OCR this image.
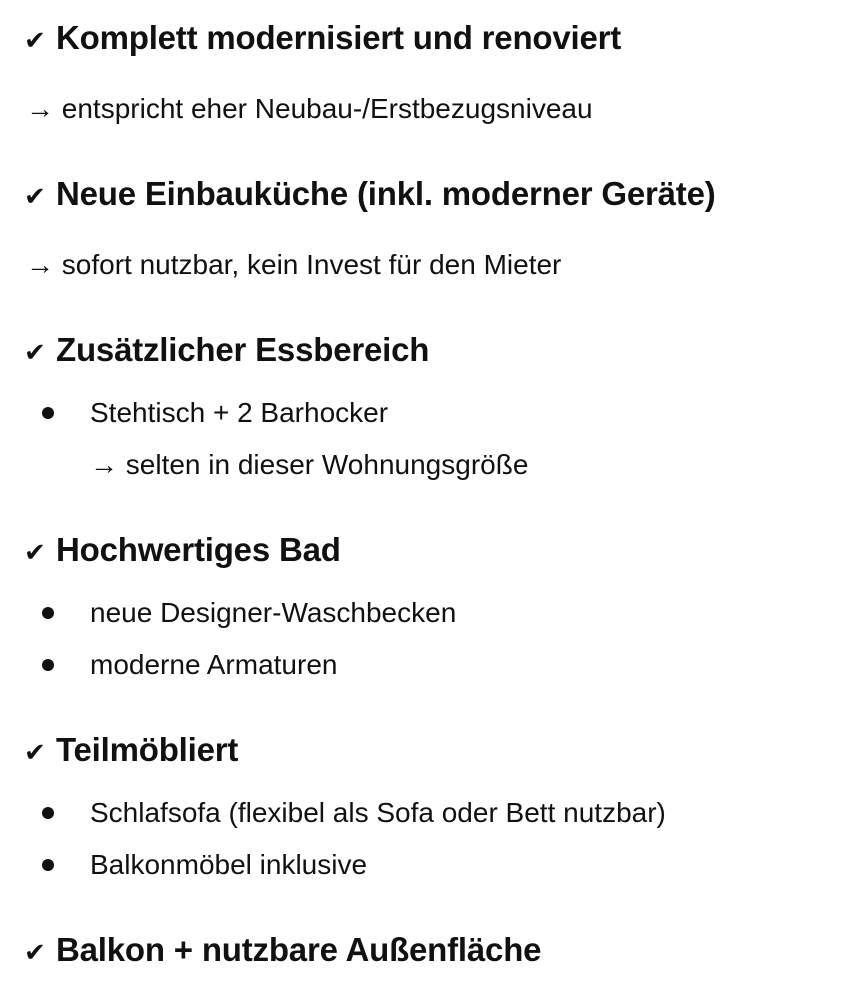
✔ Komplett modernisiert und renoviert
→ entspricht eher Neubau-/Erstbezugsniveau
✔ Neue Einbauküche (inkl. moderner Geräte)
→ sofort nutzbar, kein Invest für den Mieter
✔ Zusätzlicher Essbereich
Stehtisch + 2 Barhocker
→ selten in dieser Wohnungsgröße
✔ Hochwertiges Bad
neue Designer-Waschbecken
moderne Armaturen
✔ Teilmöbliert
Schlafsofa (flexibel als Sofa oder Bett nutzbar)
Balkonmöbel inklusive
✔ Balkon + nutzbare Außenfläche
